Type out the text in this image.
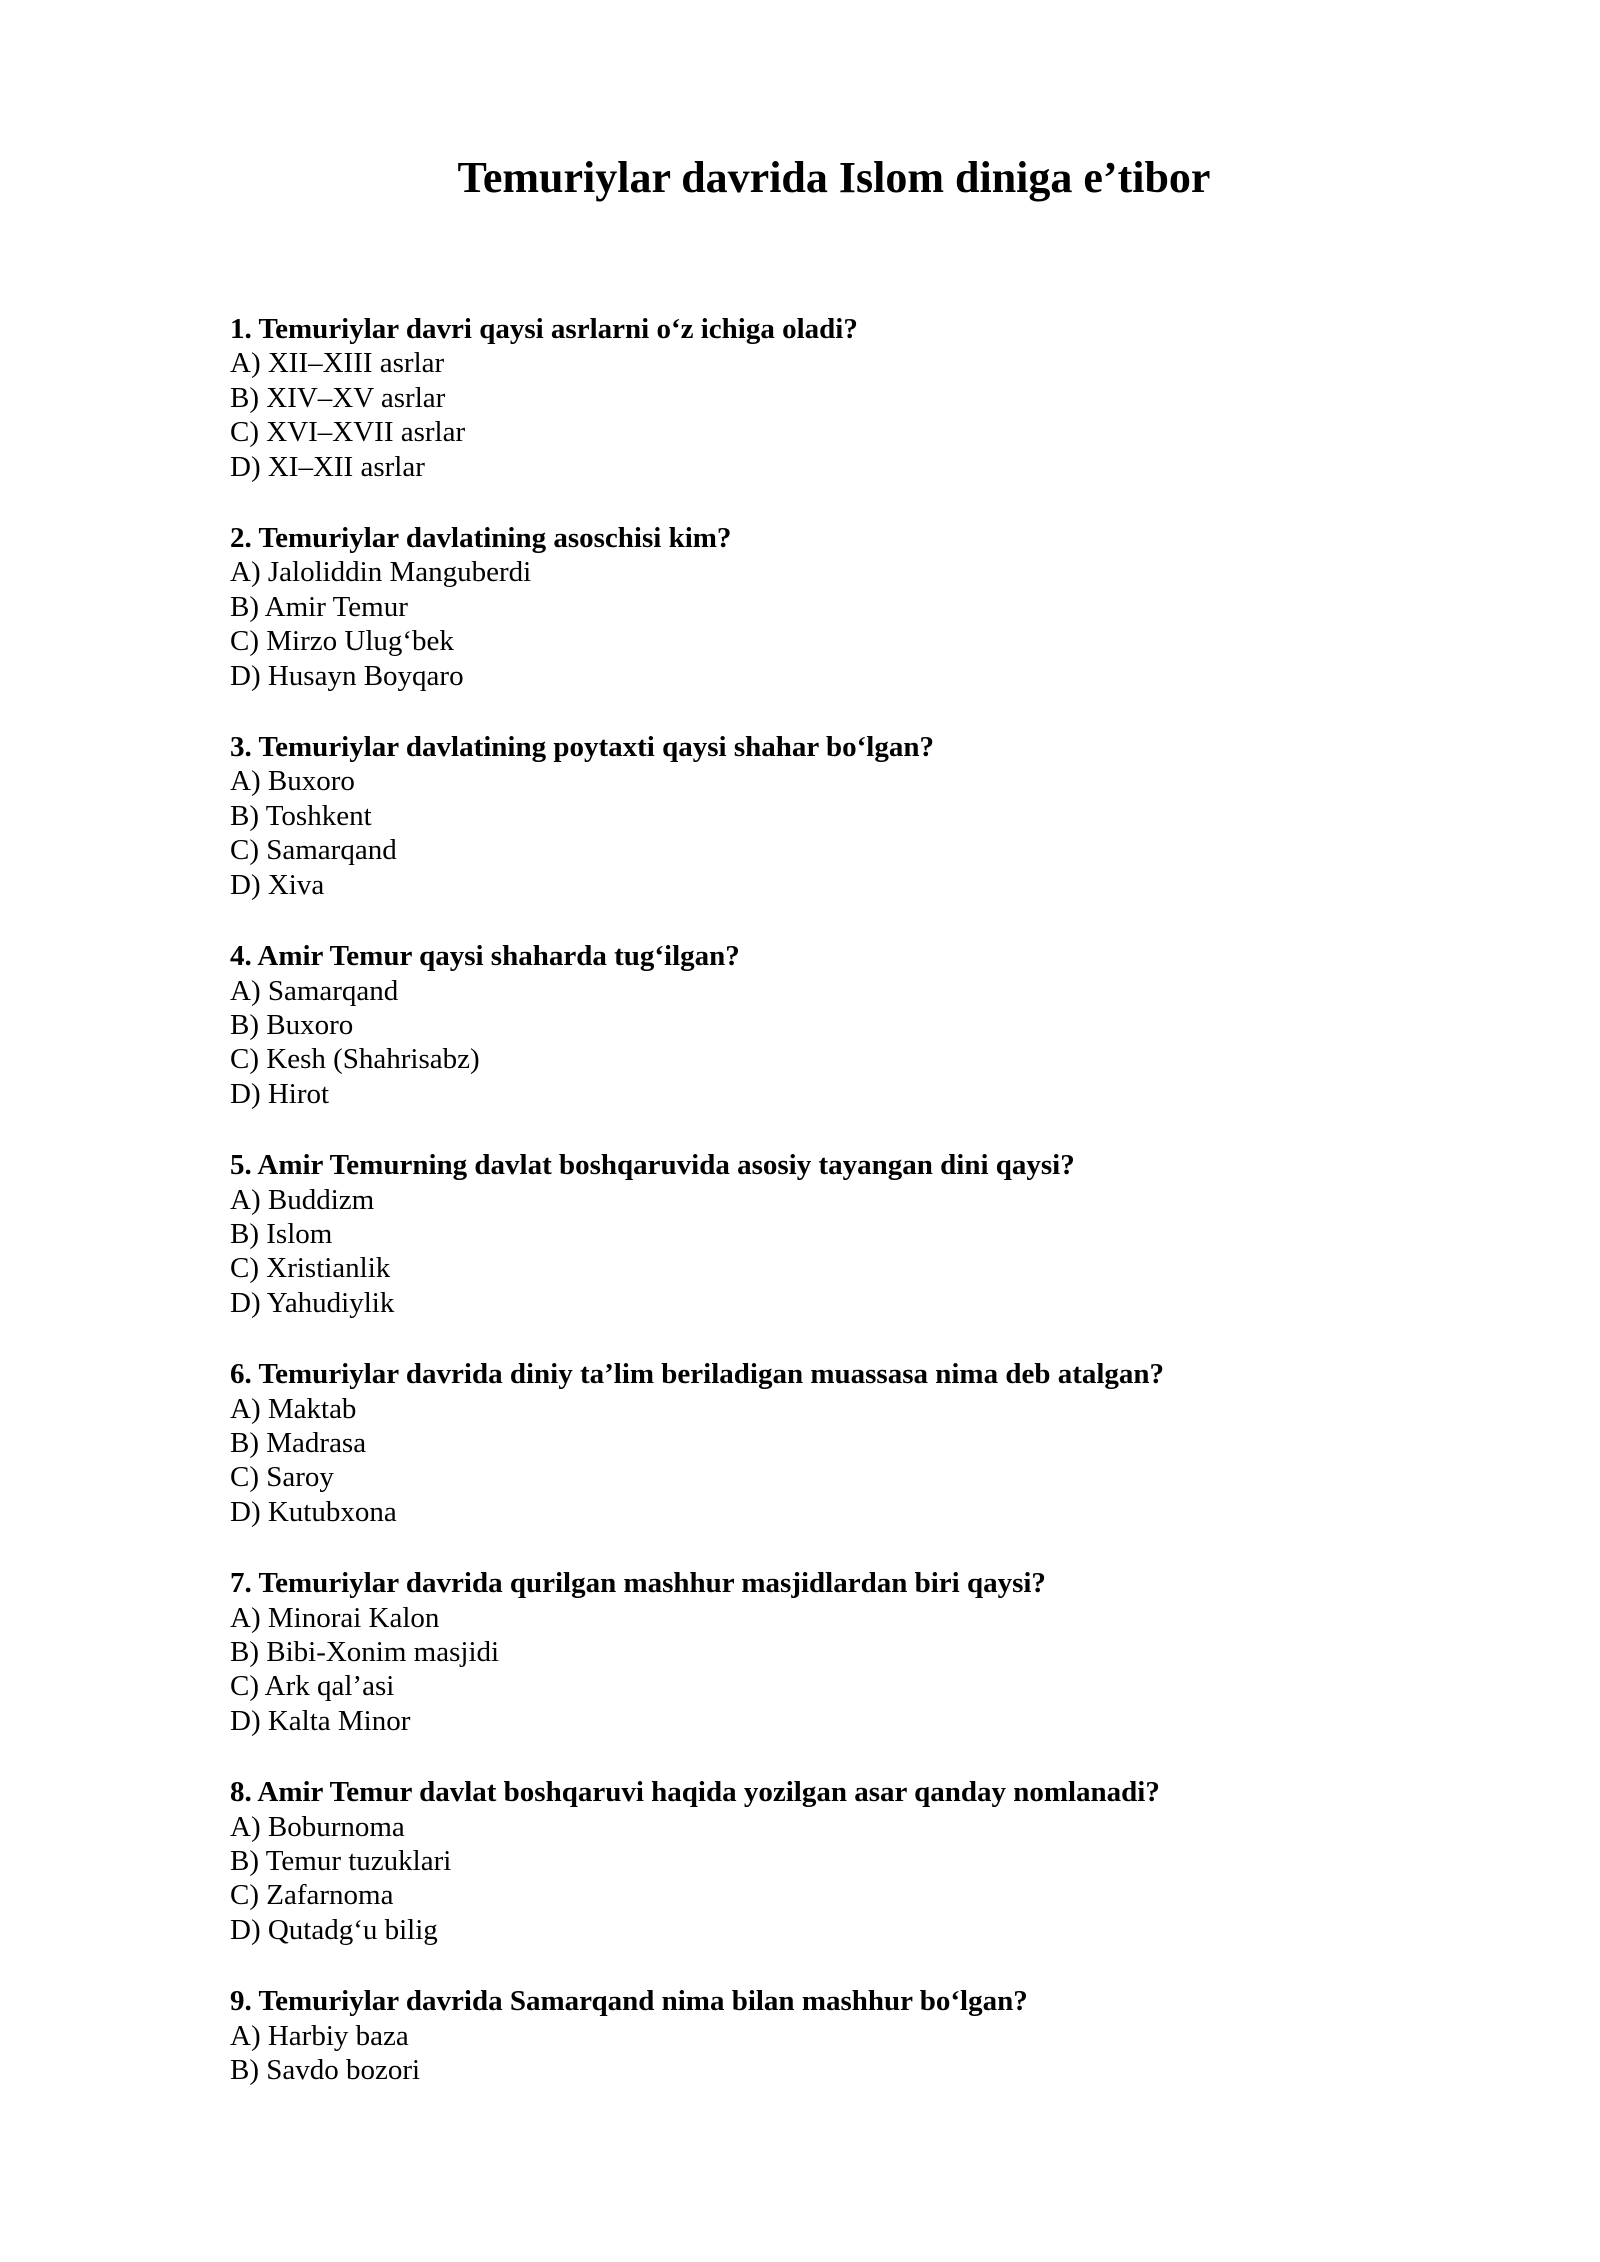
Temuriylar davrida Islom diniga e’tibor

1. Temuriylar davri qaysi asrlarni o‘z ichiga oladi?

A) XII–XIII asrlar
B) XIV–XV asrlar
C) XVI–XVII asrlar
D) XI–XII asrlar

2. Temuriylar davlatining asoschisi kim?

A) Jaloliddin Manguberdi
B) Amir Temur
C) Mirzo Ulug‘bek
D) Husayn Boyqaro

3. Temuriylar davlatining poytaxti qaysi shahar bo‘lgan?

A) Buxoro
B) Toshkent
C) Samarqand
D) Xiva

4. Amir Temur qaysi shaharda tug‘ilgan?

A) Samarqand
B) Buxoro
C) Kesh (Shahrisabz)
D) Hirot

5. Amir Temurning davlat boshqaruvida asosiy tayangan dini qaysi?

A) Buddizm
B) Islom
C) Xristianlik
D) Yahudiylik

6. Temuriylar davrida diniy ta’lim beriladigan muassasa nima deb atalgan?

A) Maktab
B) Madrasa
C) Saroy
D) Kutubxona

7. Temuriylar davrida qurilgan mashhur masjidlardan biri qaysi?

A) Minorai Kalon
B) Bibi-Xonim masjidi
C) Ark qal’asi
D) Kalta Minor

8. Amir Temur davlat boshqaruvi haqida yozilgan asar qanday nomlanadi?

A) Boburnoma
B) Temur tuzuklari
C) Zafarnoma
D) Qutadg‘u bilig

9. Temuriylar davrida Samarqand nima bilan mashhur bo‘lgan?

A) Harbiy baza
B) Savdo bozori
